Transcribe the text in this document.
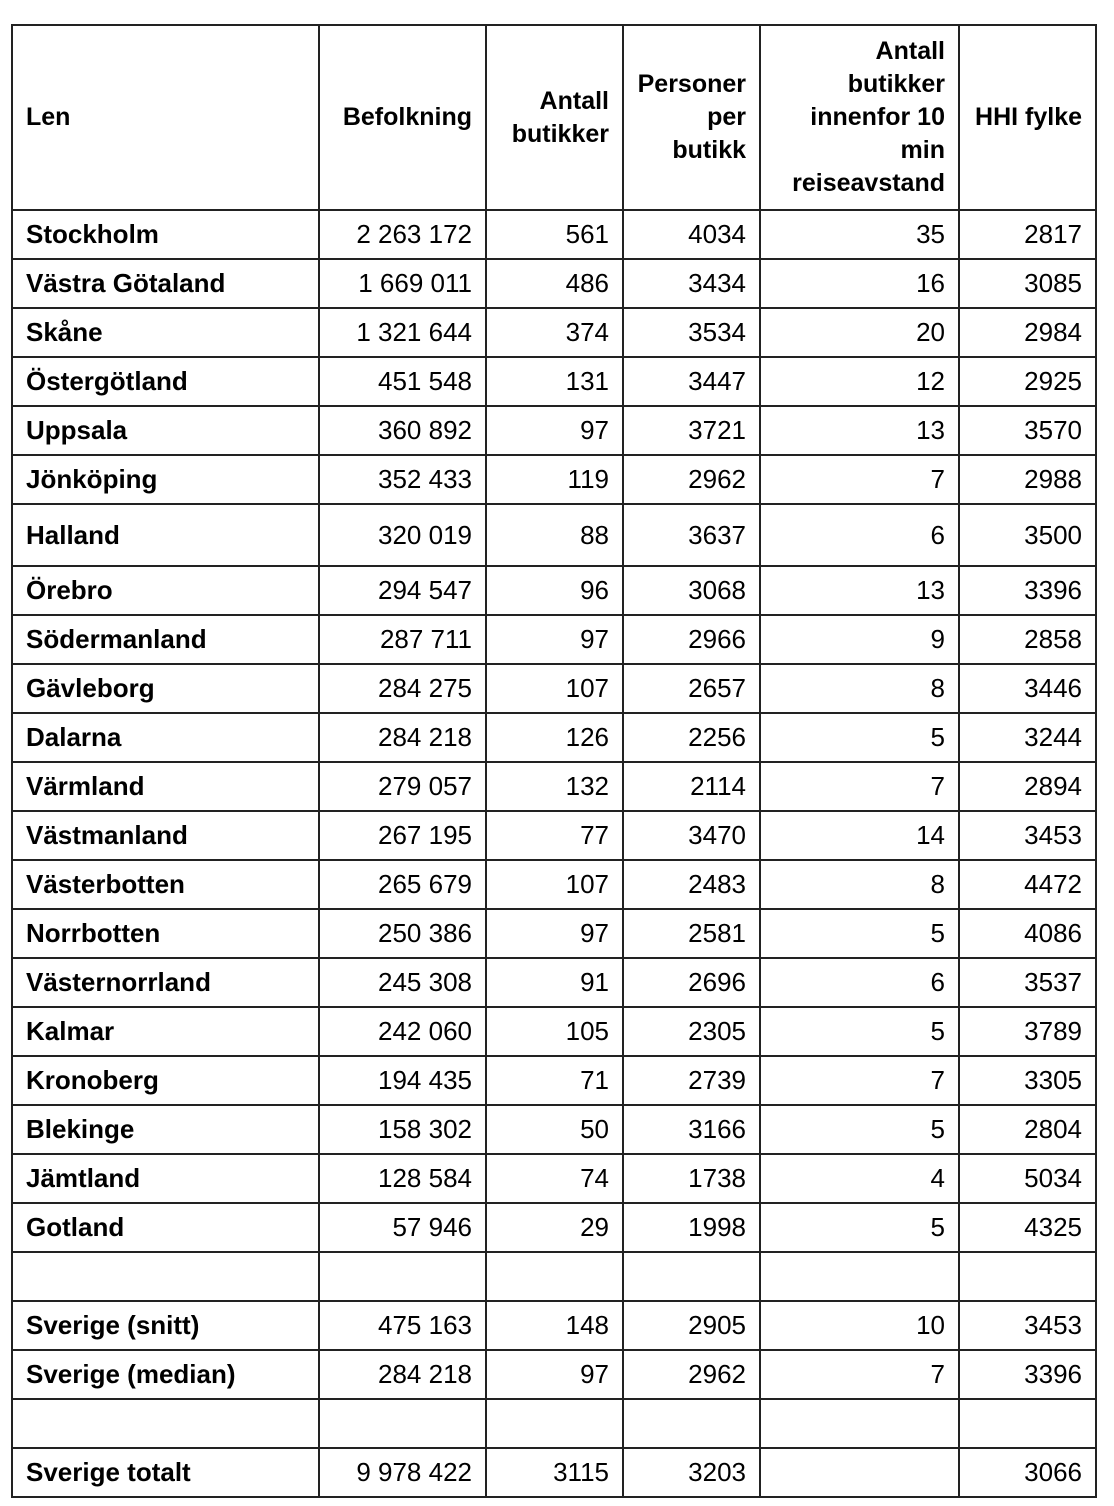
Len	Befolkning	Antall butikker	Personer per butikk	Antall butikker innenfor 10 min reiseavstand	HHI fylke
Stockholm	2 263 172	561	4034	35	2817
Västra Götaland	1 669 011	486	3434	16	3085
Skåne	1 321 644	374	3534	20	2984
Östergötland	451 548	131	3447	12	2925
Uppsala	360 892	97	3721	13	3570
Jönköping	352 433	119	2962	7	2988
Halland	320 019	88	3637	6	3500
Örebro	294 547	96	3068	13	3396
Södermanland	287 711	97	2966	9	2858
Gävleborg	284 275	107	2657	8	3446
Dalarna	284 218	126	2256	5	3244
Värmland	279 057	132	2114	7	2894
Västmanland	267 195	77	3470	14	3453
Västerbotten	265 679	107	2483	8	4472
Norrbotten	250 386	97	2581	5	4086
Västernorrland	245 308	91	2696	6	3537
Kalmar	242 060	105	2305	5	3789
Kronoberg	194 435	71	2739	7	3305
Blekinge	158 302	50	3166	5	2804
Jämtland	128 584	74	1738	4	5034
Gotland	57 946	29	1998	5	4325

Sverige (snitt)	475 163	148	2905	10	3453
Sverige (median)	284 218	97	2962	7	3396

Sverige totalt	9 978 422	3115	3203		3066
